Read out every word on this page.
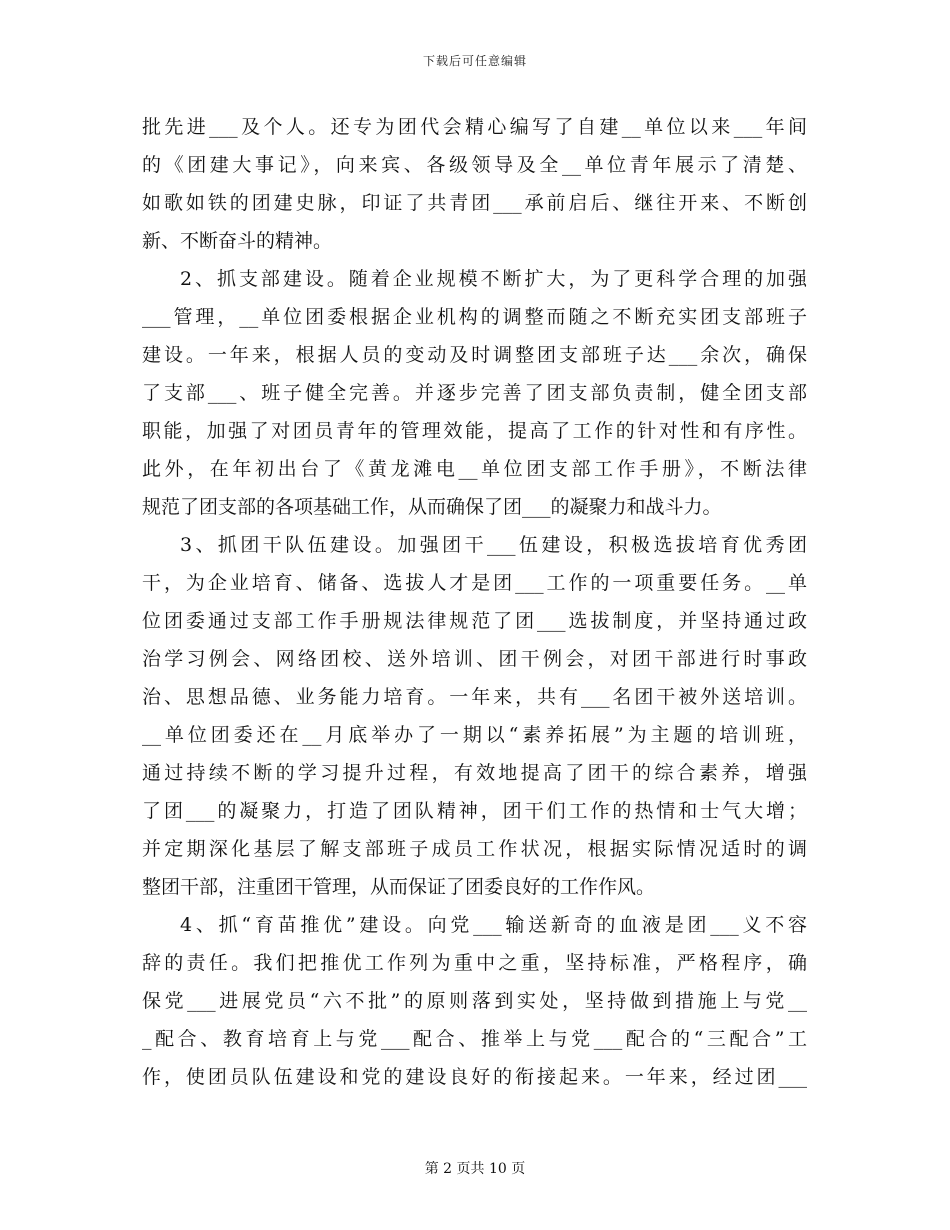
下载后可任意编辑
批先进___及个人。还专为团代会精心编写了自建__单位以来___年间
的《团建大事记》，向来宾、各级领导及全__单位青年展示了清楚、
如歌如铁的团建史脉，印证了共青团___承前启后、继往开来、不断创
新、不断奋斗的精神。
2、抓支部建设。随着企业规模不断扩大，为了更科学合理的加强
___管理，__单位团委根据企业机构的调整而随之不断充实团支部班子
建设。一年来，根据人员的变动及时调整团支部班子达___余次，确保
了支部___、班子健全完善。并逐步完善了团支部负责制，健全团支部
职能，加强了对团员青年的管理效能，提高了工作的针对性和有序性。
此外，在年初出台了《黄龙滩电__单位团支部工作手册》，不断法律
规范了团支部的各项基础工作，从而确保了团___的凝聚力和战斗力。
3、抓团干队伍建设。加强团干___伍建设，积极选拔培育优秀团
干，为企业培育、储备、选拔人才是团___工作的一项重要任务。__单
位团委通过支部工作手册规法律规范了团___选拔制度，并坚持通过政
治学习例会、网络团校、送外培训、团干例会，对团干部进行时事政
治、思想品德、业务能力培育。一年来，共有___名团干被外送培训。
__单位团委还在__月底举办了一期以“素养拓展”为主题的培训班，
通过持续不断的学习提升过程，有效地提高了团干的综合素养，增强
了团___的凝聚力，打造了团队精神，团干们工作的热情和士气大增；
并定期深化基层了解支部班子成员工作状况，根据实际情况适时的调
整团干部，注重团干管理，从而保证了团委良好的工作作风。
4、抓“育苗推优”建设。向党___输送新奇的血液是团___义不容
辞的责任。我们把推优工作列为重中之重，坚持标准，严格程序，确
保党___进展党员“六不批”的原则落到实处，坚持做到措施上与党__
_配合、教育培育上与党___配合、推举上与党___配合的“三配合”工
作，使团员队伍建设和党的建设良好的衔接起来。一年来，经过团___
第 2 页共 10 页
